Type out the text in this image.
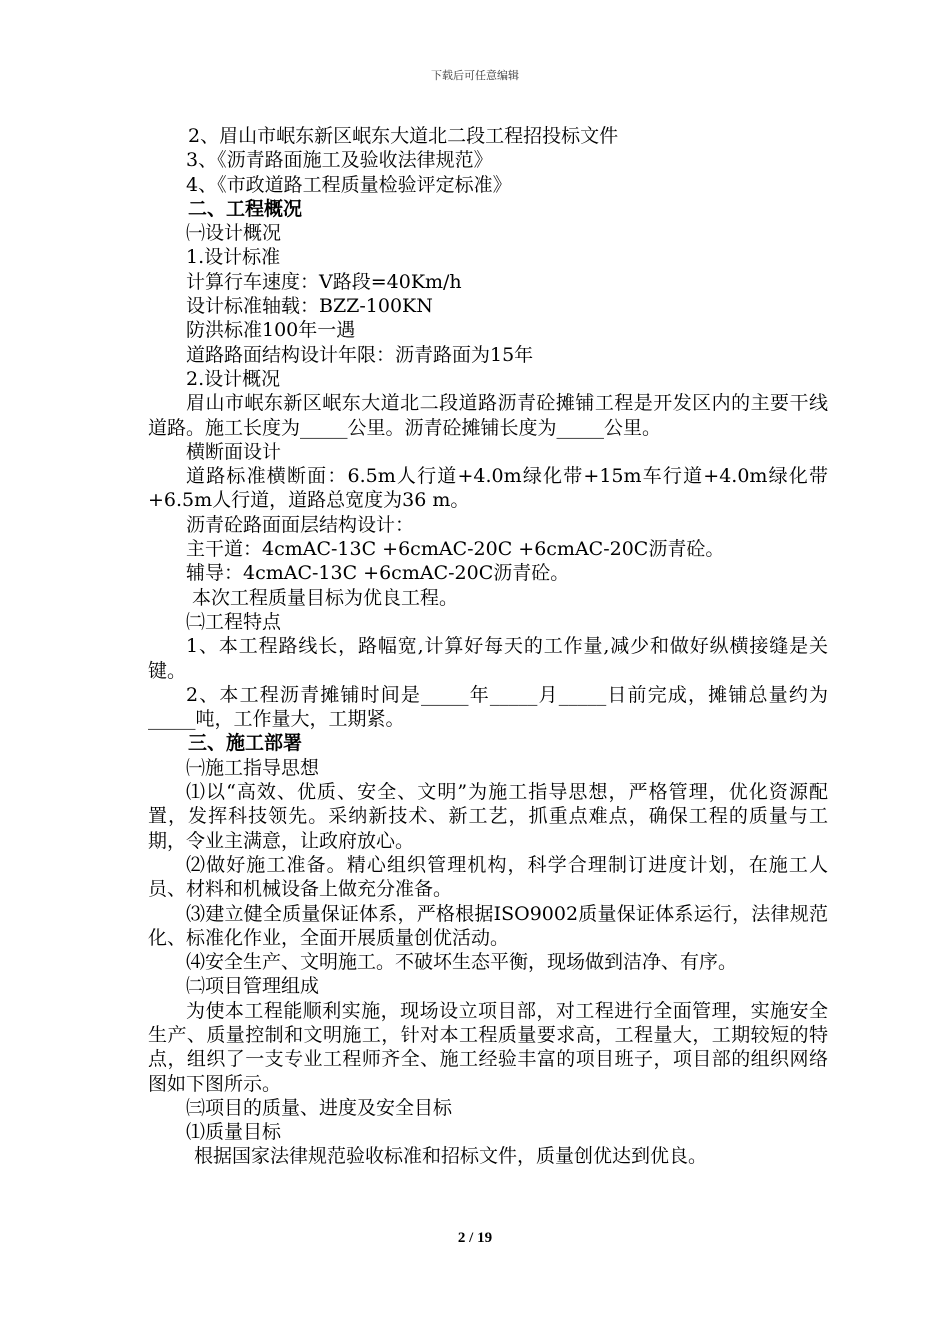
下载后可任意编辑
2、眉山市岷东新区岷东大道北二段工程招投标文件
3、《沥青路面施工及验收法律规范》
4、《市政道路工程质量检验评定标准》
二、工程概况
㈠设计概况
1.设计标准
计算行车速度：V路段=40Km/h
设计标准轴载：BZZ-100KN
防洪标准100年一遇
道路路面结构设计年限：沥青路面为15年
2.设计概况
眉山市岷东新区岷东大道北二段道路沥青砼摊铺工程是开发区内的主要干线道路。施工长度为_____公里。沥青砼摊铺长度为_____公里。
横断面设计
道路标准横断面：6.5m人行道+4.0m绿化带+15m车行道+4.0m绿化带+6.5m人行道，道路总宽度为36 m。
沥青砼路面面层结构设计：
主干道：4cmAC-13C +6cmAC-20C +6cmAC-20C沥青砼。
辅导：4cmAC-13C +6cmAC-20C沥青砼。
本次工程质量目标为优良工程。
㈡工程特点
1、本工程路线长，路幅宽,计算好每天的工作量,减少和做好纵横接缝是关键。
2、本工程沥青摊铺时间是_____年_____月_____日前完成，摊铺总量约为_____吨，工作量大，工期紧。
三、施工部署
㈠施工指导思想
⑴以“高效、优质、安全、文明”为施工指导思想，严格管理，优化资源配置，发挥科技领先。采纳新技术、新工艺，抓重点难点，确保工程的质量与工期，令业主满意，让政府放心。
⑵做好施工准备。精心组织管理机构，科学合理制订进度计划，在施工人员、材料和机械设备上做充分准备。
⑶建立健全质量保证体系，严格根据ISO9002质量保证体系运行，法律规范化、标准化作业，全面开展质量创优活动。
⑷安全生产、文明施工。不破坏生态平衡，现场做到洁净、有序。
㈡项目管理组成
为使本工程能顺利实施，现场设立项目部，对工程进行全面管理，实施安全生产、质量控制和文明施工，针对本工程质量要求高，工程量大，工期较短的特点，组织了一支专业工程师齐全、施工经验丰富的项目班子，项目部的组织网络图如下图所示。
㈢项目的质量、进度及安全目标
⑴质量目标
根据国家法律规范验收标准和招标文件，质量创优达到优良。
2 / 19
